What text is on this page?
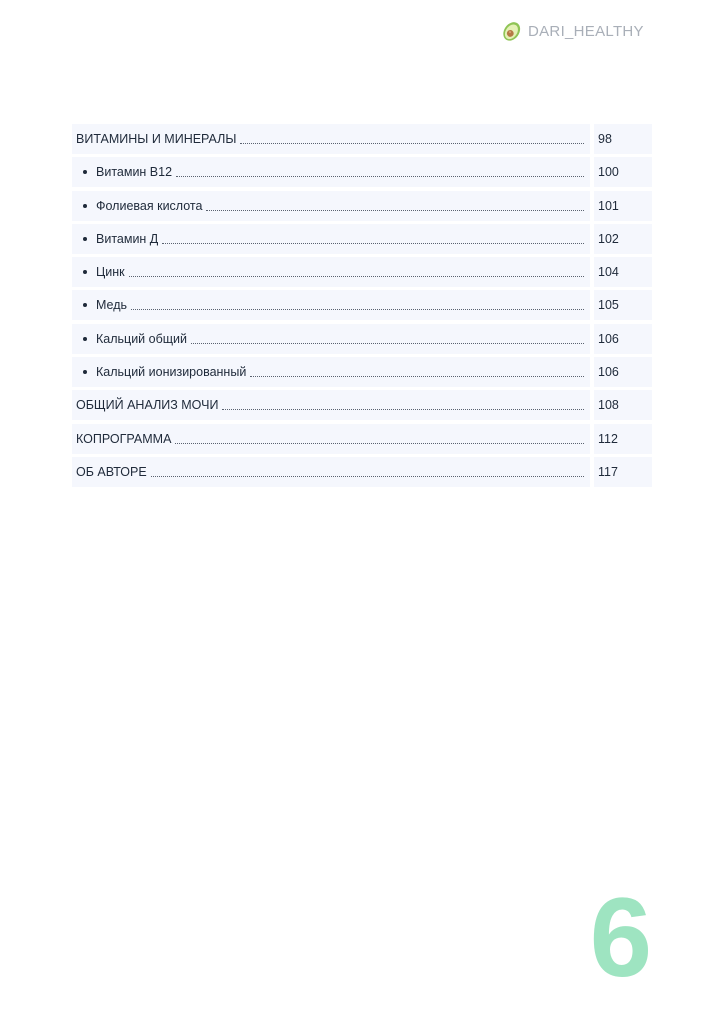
DARI_HEALTHY
ВИТАМИНЫ И МИНЕРАЛЫ	98
Витамин В12	100
Фолиевая кислота	101
Витамин Д	102
Цинк	104
Медь	105
Кальций общий	106
Кальций ионизированный	106
ОБЩИЙ АНАЛИЗ МОЧИ	108
КОПРОГРАММА	112
ОБ АВТОРЕ	117
6
